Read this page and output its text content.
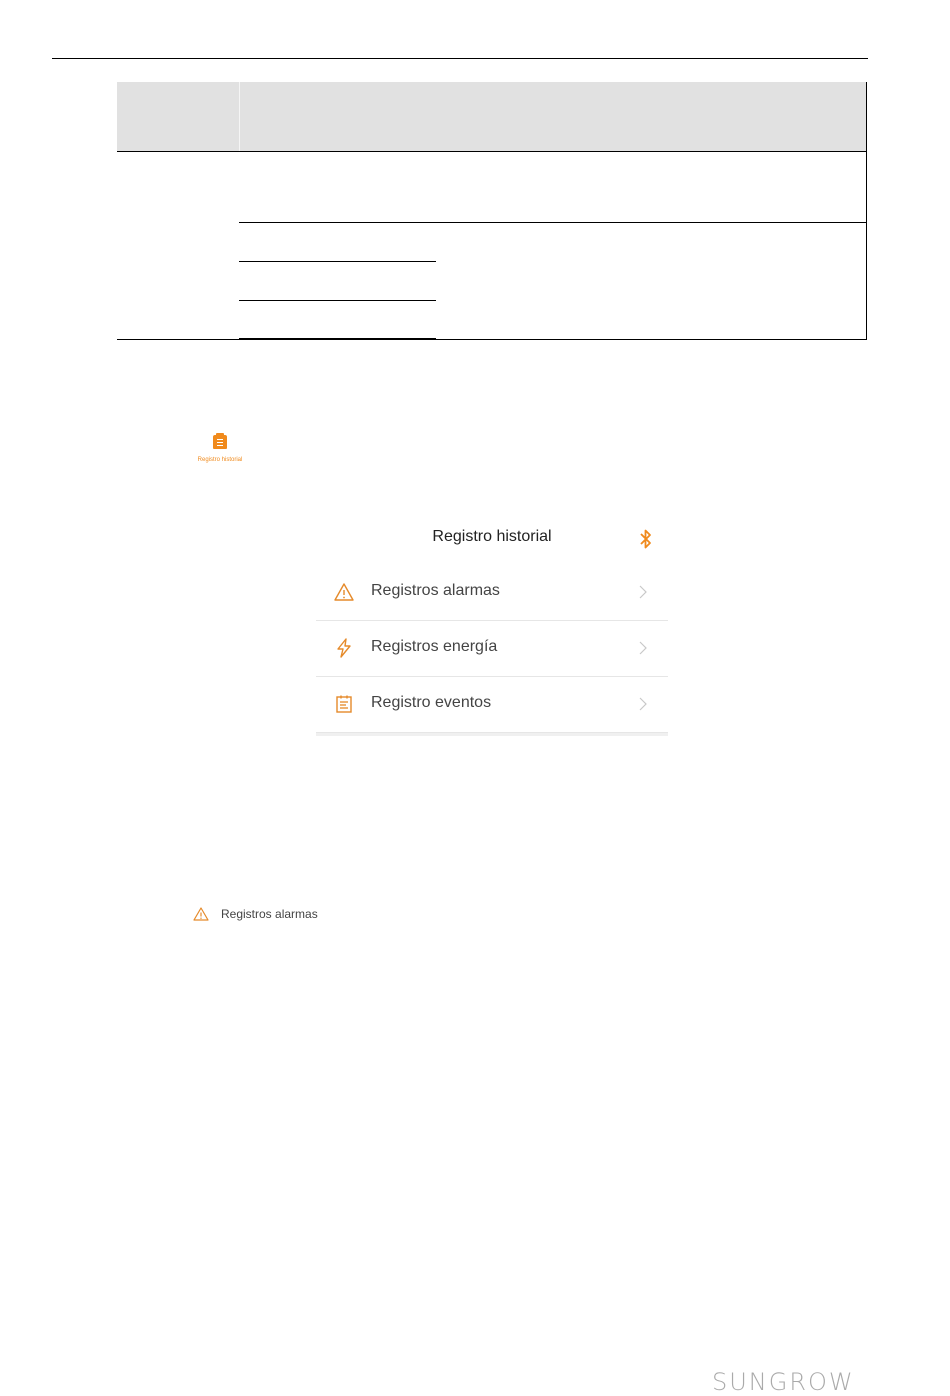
Registro historial
Registro historial
Registros alarmas
Registros energía
Registro eventos
Registros alarmas
SUNGROW
